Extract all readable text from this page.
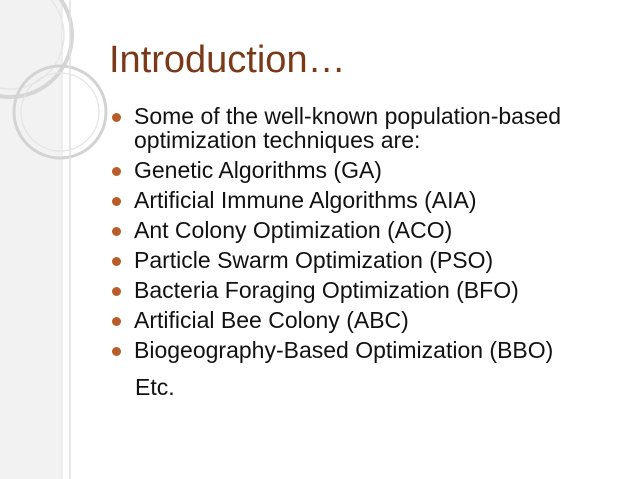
Introduction…
Some of the well-known population-based optimization techniques are:
Genetic Algorithms (GA)
Artificial Immune Algorithms (AIA)
Ant Colony Optimization (ACO)
Particle Swarm Optimization (PSO)
Bacteria Foraging Optimization (BFO)
Artificial Bee Colony (ABC)
Biogeography-Based Optimization (BBO)
Etc.
